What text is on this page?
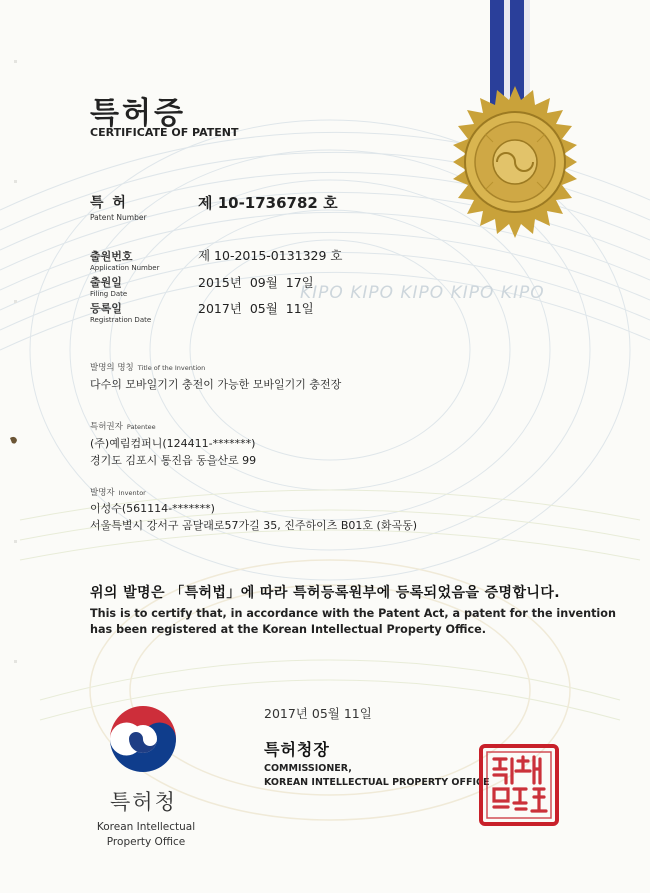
KIPO KIPO KIPO KIPO KIPO
특허증
CERTIFICATE OF PATENT
특 허
Patent Number
제 10-1736782 호
출원번호
Application Number
제 10-2015-0131329 호
출원일
Filing Date
2015년  09월  17일
등록일
Registration Date
2017년  05월  11일
발명의 명칭 Title of the Invention
다수의 모바일기기 충전이 가능한 모바일기기 충전장
특허권자 Patentee
(주)예림컴퍼니(124411-*******)
경기도 김포시 통진읍 동을산로 99
발명자 Inventor
이성수(561114-*******)
서울특별시 강서구 곰달래로57가길 35, 진주하이츠 B01호 (화곡동)
위의 발명은 「특허법」에 따라 특허등록원부에 등록되었음을 증명합니다.
This is to certify that, in accordance with the Patent Act, a patent for the invention has been registered at the Korean Intellectual Property Office.
2017년 05월 11일
특허청장
COMMISSIONER,
KOREAN INTELLECTUAL PROPERTY OFFICE
특허청
Korean Intellectual Property Office
